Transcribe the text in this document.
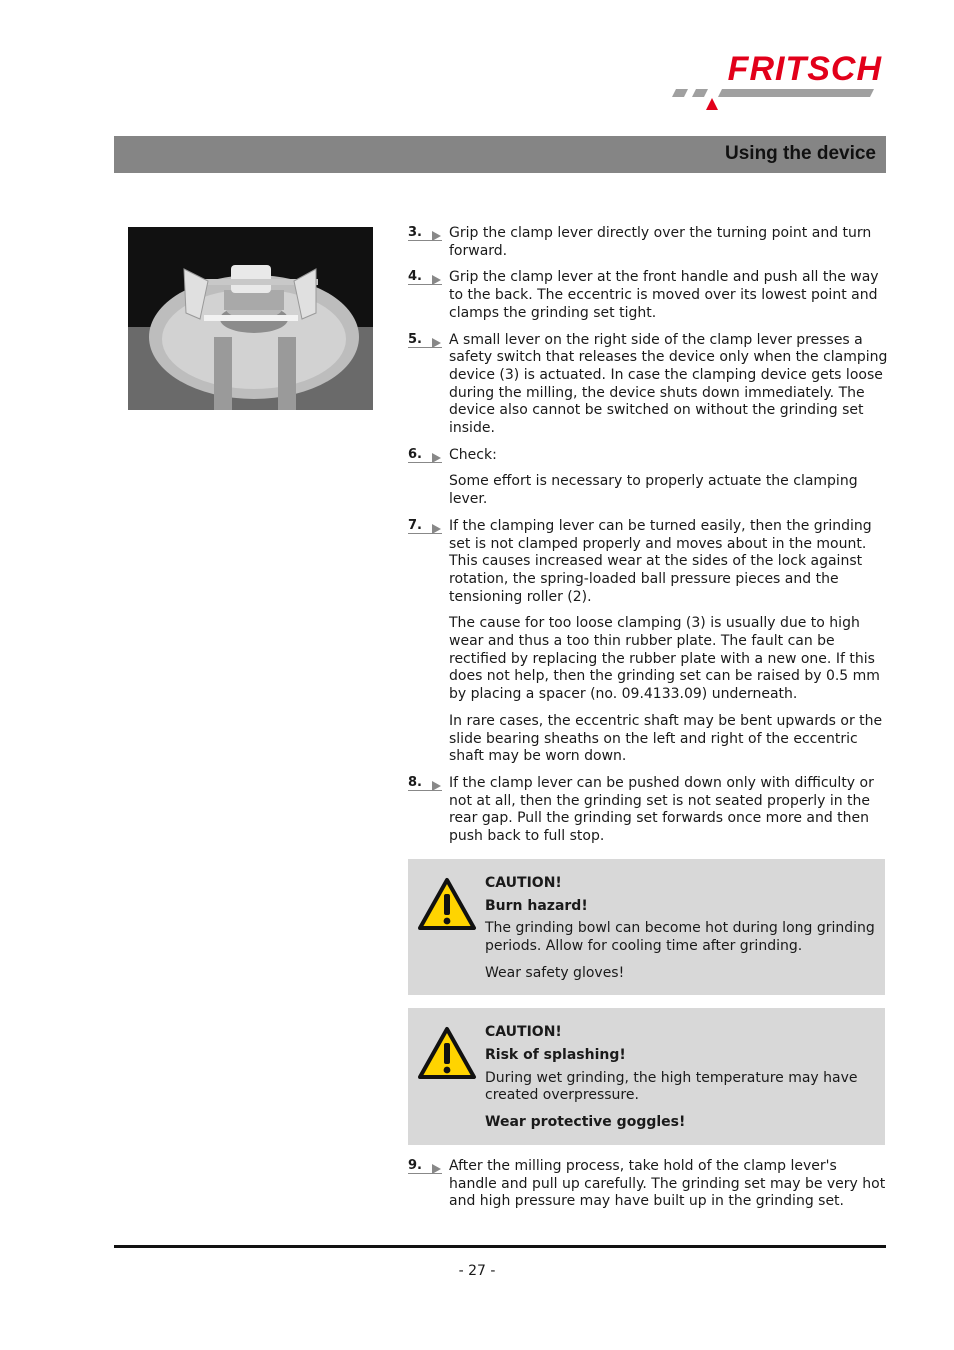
FRITSCH
Using the device
3.	Grip the clamp lever directly over the turning point and turn forward.

4.	Grip the clamp lever at the front handle and push all the way to the back. The eccentric is moved over its lowest point and clamps the grinding set tight.

5.	A small lever on the right side of the clamp lever presses a safety switch that releases the device only when the clamping device (3) is actuated. In case the clamping device gets loose during the milling, the device shuts down immediately. The device also cannot be switched on without the grinding set inside.

6.	Check:

Some effort is necessary to properly actuate the clamping lever.

7.	If the clamping lever can be turned easily, then the grinding set is not clamped properly and moves about in the mount. This causes increased wear at the sides of the lock against rotation, the spring-loaded ball pressure pieces and the tensioning roller (2).

The cause for too loose clamping (3) is usually due to high wear and thus a too thin rubber plate. The fault can be rectified by replacing the rubber plate with a new one. If this does not help, then the grinding set can be raised by 0.5 mm by placing a spacer (no. 09.4133.09) underneath.

In rare cases, the eccentric shaft may be bent upwards or the slide bearing sheaths on the left and right of the eccentric shaft may be worn down.

8.	If the clamp lever can be pushed down only with difficulty or not at all, then the grinding set is not seated properly in the rear gap. Pull the grinding set forwards once more and then push back to full stop.

CAUTION!

Burn hazard!

The grinding bowl can become hot during long grinding periods. Allow for cooling time after grinding.

Wear safety gloves!

CAUTION!

Risk of splashing!

During wet grinding, the high temperature may have created overpressure.

Wear protective goggles!

9.	After the milling process, take hold of the clamp lever's handle and pull up carefully. The grinding set may be very hot and high pressure may have built up in the grinding set.

- 27 -
